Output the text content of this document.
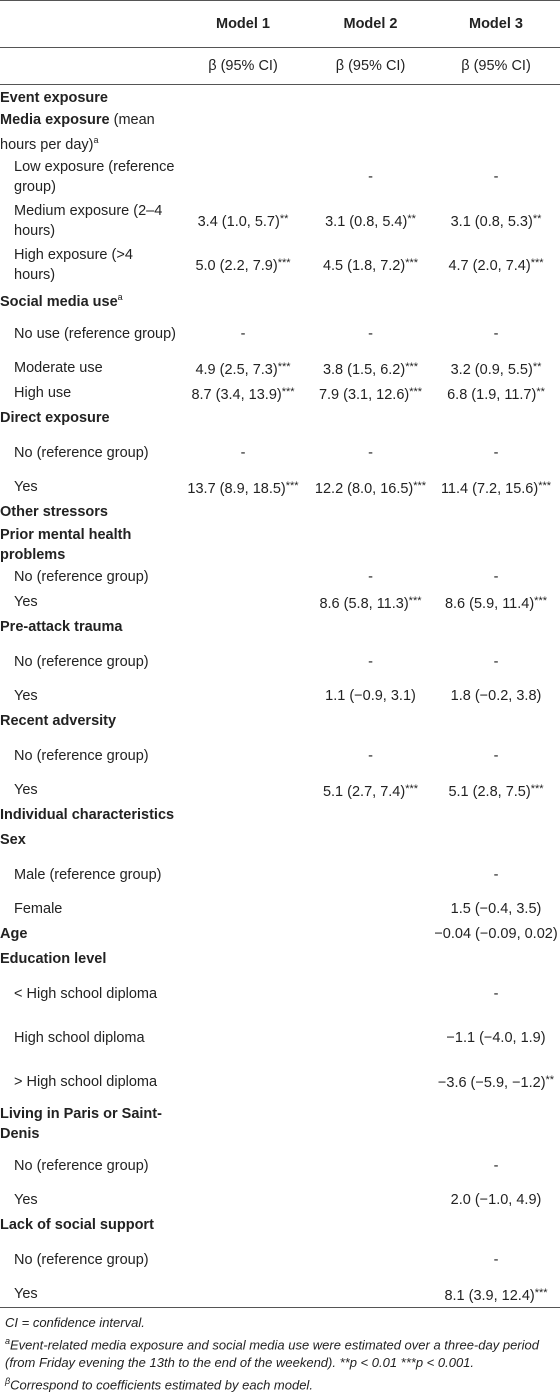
	Model 1	Model 2	Model 3
	β (95% CI)	β (95% CI)	β (95% CI)
Event exposure			
Media exposure (mean hours per day)$^a$			
Low exposure (reference group)		-	-
Medium exposure (2–4 hours)	3.4 (1.0, 5.7)**	3.1 (0.8, 5.4)**	3.1 (0.8, 5.3)**
High exposure (>4 hours)	5.0 (2.2, 7.9)***	4.5 (1.8, 7.2)***	4.7 (2.0, 7.4)***
Social media use$^a$			
No use (reference group)	-	-	-
Moderate use	4.9 (2.5, 7.3)***	3.8 (1.5, 6.2)***	3.2 (0.9, 5.5)**
High use	8.7 (3.4, 13.9)***	7.9 (3.1, 12.6)***	6.8 (1.9, 11.7)**
Direct exposure			
No (reference group)	-	-	-
Yes	13.7 (8.9, 18.5)***	12.2 (8.0, 16.5)***	11.4 (7.2, 15.6)***
Other stressors			
Prior mental health problems			
No (reference group)		-	-
Yes		8.6 (5.8, 11.3)***	8.6 (5.9, 11.4)***
Pre-attack trauma			
No (reference group)		-	-
Yes		1.1 (−0.9, 3.1)	1.8 (−0.2, 3.8)
Recent adversity			
No (reference group)		-	-
Yes		5.1 (2.7, 7.4)***	5.1 (2.8, 7.5)***
Individual characteristics			
Sex			
Male (reference group)			-
Female			1.5 (−0.4, 3.5)
Age			−0.04 (−0.09, 0.02)
Education level			
< High school diploma			-
High school diploma			−1.1 (−4.0, 1.9)
> High school diploma			−3.6 (−5.9, −1.2)**
Living in Paris or Saint-Denis			
No (reference group)			-
Yes			2.0 (−1.0, 4.9)
Lack of social support			
No (reference group)			-
Yes			8.1 (3.9, 12.4)***

CI = confidence interval.

$^a$Event-related media exposure and social media use were estimated over a three-day period (from Friday evening the 13th to the end of the weekend). **p < 0.01 ***p < 0.001.

$^\beta$Correspond to coefficients estimated by each model.
